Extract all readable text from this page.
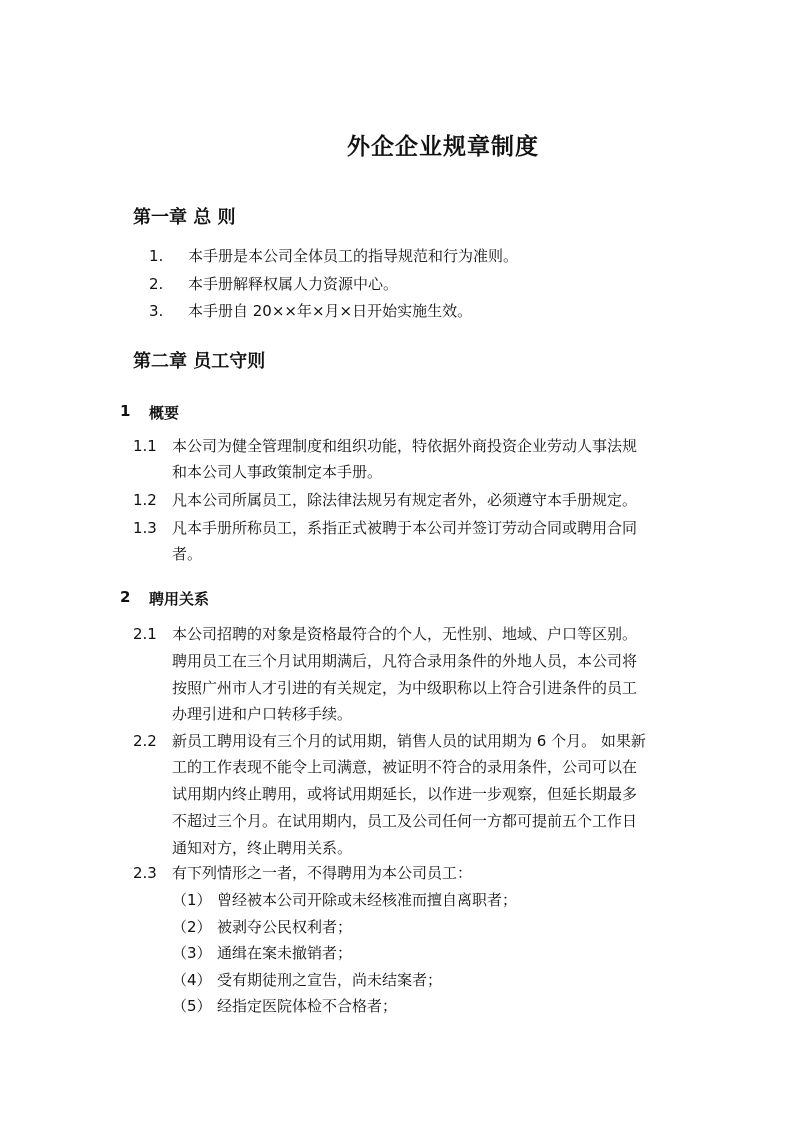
外企企业规章制度
第一章 总 则
1. 本手册是本公司全体员工的指导规范和行为准则。
2. 本手册解释权属人力资源中心。
3. 本手册自 20××年×月×日开始实施生效。
第二章 员工守则
1 概要
1.1 本公司为健全管理制度和组织功能，特依据外商投资企业劳动人事法规
和本公司人事政策制定本手册。
1.2 凡本公司所属员工，除法律法规另有规定者外，必须遵守本手册规定。
1.3 凡本手册所称员工，系指正式被聘于本公司并签订劳动合同或聘用合同
者。
2 聘用关系
2.1 本公司招聘的对象是资格最符合的个人，无性别、地域、户口等区别。
聘用员工在三个月试用期满后，凡符合录用条件的外地人员，本公司将
按照广州市人才引进的有关规定，为中级职称以上符合引进条件的员工
办理引进和户口转移手续。
2.2 新员工聘用设有三个月的试用期，销售人员的试用期为 6 个月。 如果新
工的工作表现不能令上司满意，被证明不符合的录用条件，公司可以在
试用期内终止聘用，或将试用期延长，以作进一步观察，但延长期最多
不超过三个月。在试用期内，员工及公司任何一方都可提前五个工作日
通知对方，终止聘用关系。
2.3 有下列情形之一者，不得聘用为本公司员工：
（1） 曾经被本公司开除或未经核准而擅自离职者；
（2） 被剥夺公民权利者；
（3） 通缉在案未撤销者；
（4） 受有期徒刑之宣告，尚未结案者；
（5） 经指定医院体检不合格者；
